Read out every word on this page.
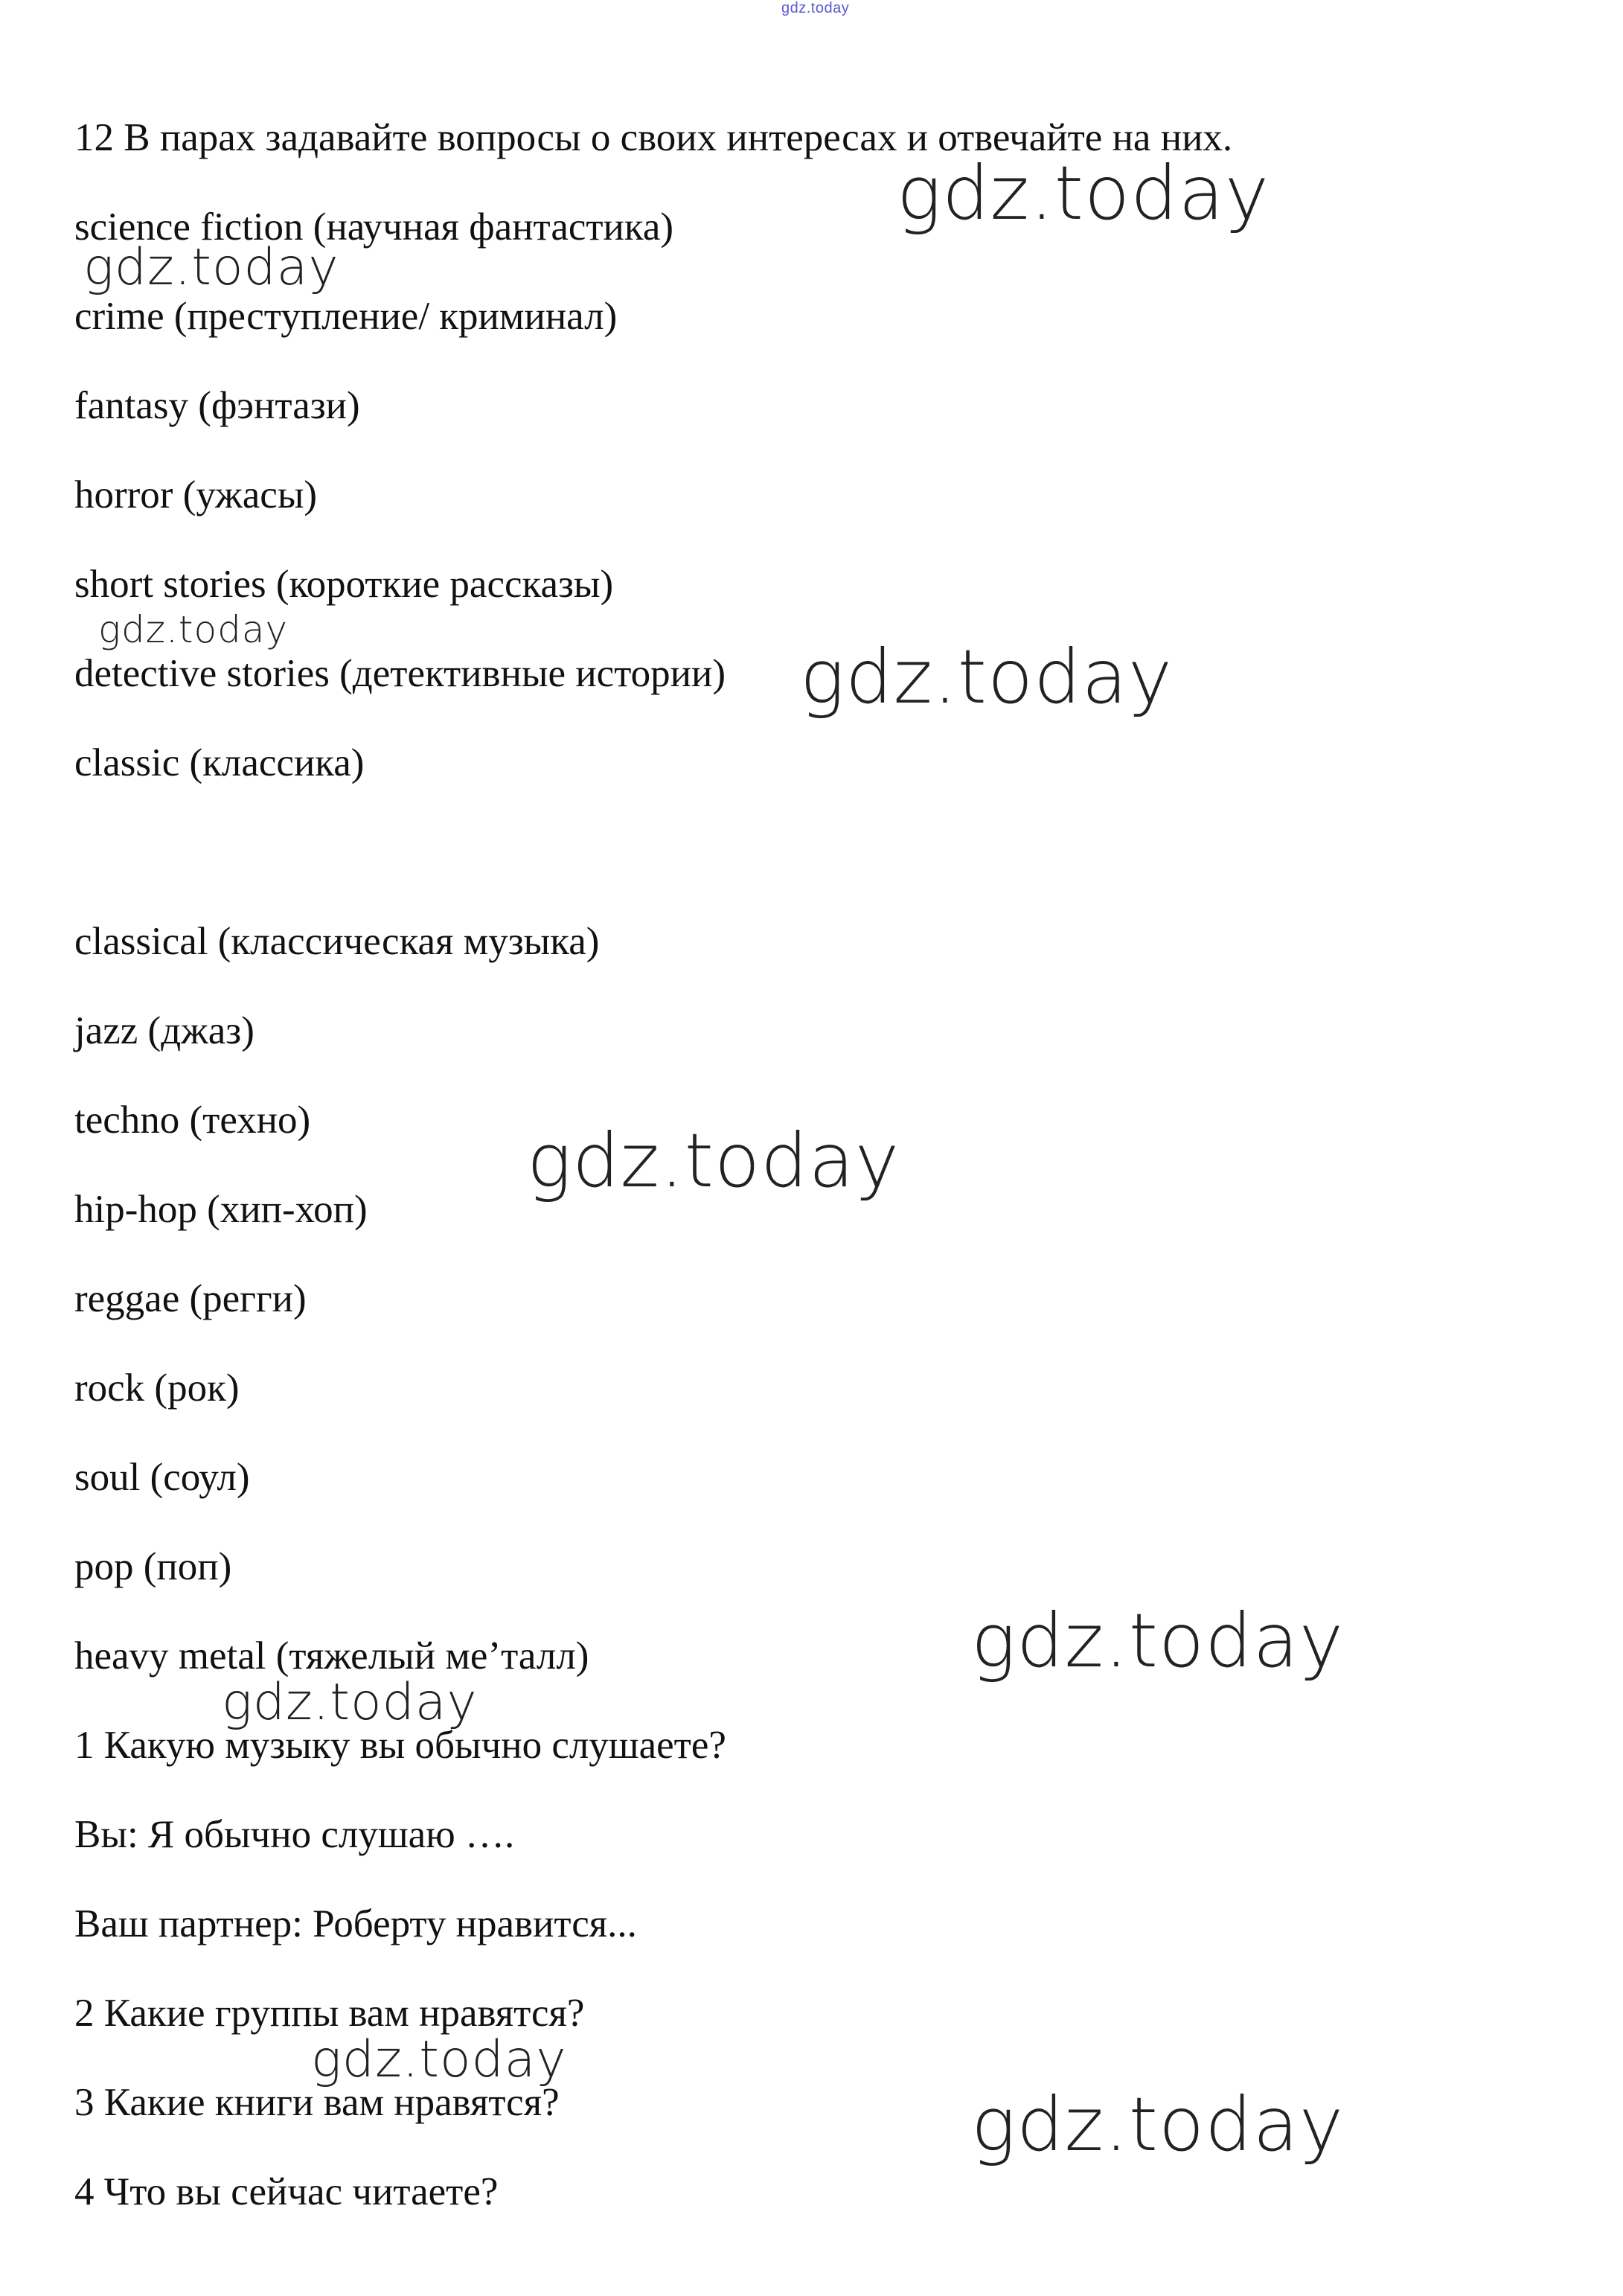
gdz.today
12 В парах задавайте вопросы о своих интересах и отвечайте на них.
science fiction (научная фантастика)
crime (преступление/ криминал)
fantasy (фэнтази)
horror (ужасы)
short stories (короткие рассказы)
detective stories (детективные истории)
classic (классика)
classical (классическая музыка)
jazz (джаз)
techno (техно)
hip-hop (хип-хоп)
reggae (регги)
rock (рок)
soul (соул)
pop (поп)
heavy metal (тяжелый ме’талл)
1 Какую музыку вы обычно слушаете?
Вы: Я обычно слушаю ….
Ваш партнер: Роберту нравится...
2 Какие группы вам нравятся?
3 Какие книги вам нравятся?
4 Что вы сейчас читаете?
gdz.today
gdz.today
gdz.today
gdz.today
gdz.today
gdz.today
gdz.today
gdz.today
gdz.today
